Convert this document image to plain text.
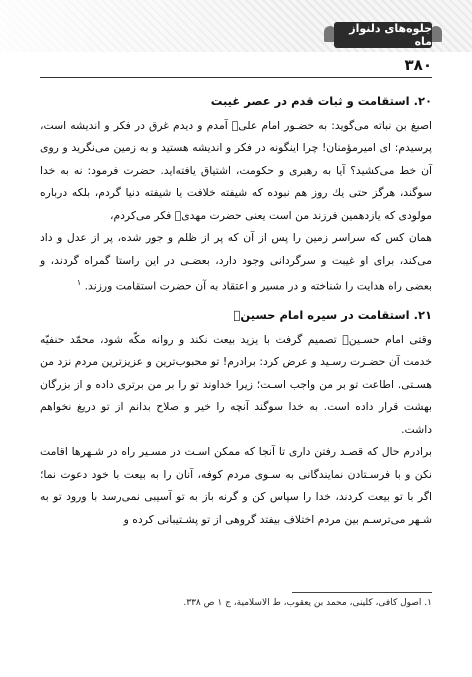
جلوه‌های دلنواز ماه
۳۸۰

۲۰. استقامت و ثبات قدم در عصر غیبت

اصبغ بن نباته می‌گوید: به حضـور امام علی﷣ آمدم و دیدم غرق در فکر و اندیشه است، پرسیدم: ای امیرمؤمنان! چرا اینگونه در فکر و اندیشه هستید و به زمین می‌نگرید و روی آن خط می‌کشید؟ آیا به رهبری و حکومت، اشتیاق یافته‌اید. حضرت فرمود: نه به خدا سوگند، هرگز حتی یك روز هم نبوده که شیفته خلافت یا شیفته دنیا گردم، بلکه درباره مولودی که یازدهمین فرزند من است یعنی حضرت مهدی﷣ فکر می‌کردم،

همان کس که سراسر زمین را پس از آن که پر از ظلم و جور شده، پر از عدل و داد می‌کند، برای او غیبت و سرگردانی وجود دارد، بعضـی در این راستا گمراه گردند، و بعضی راه هدایت را شناخته و در مسیر و اعتقاد به آن حضرت استقامت ورزند. $^۱$

۲۱. استقامت در سیره امام حسین﷣

وقتی امام حسـین﷣ تصمیم گرفت با یزید بیعت نکند و روانه مکّه شود، محمّد حنفیّه خدمت آن حضـرت رسـید و عرض کرد: برادرم! تو محبوب‌ترین و عزیزترین مردم نزد من هسـتی. اطاعت تو بر من واجب اسـت؛ زیرا خداوند تو را بر من برتری داده و از بزرگان بهشت قرار داده است. به خدا سوگند آنچه را خیر و صلاح بدانم از تو دریغ نخواهم داشت.

برادرم حال که قصـد رفتن داری تا آنجا که ممکن اسـت در مسـیر راه در شـهرها اقامت نکن و با فرسـتادن نمایندگانی به سـوی مردم کوفه، آنان را به بیعت با خود دعوت نما؛ اگر با تو بیعت کردند، خدا را سپاس کن و گرنه باز به تو آسیبی نمی‌رسد با ورود تو به شـهر می‌ترسـم بین مردم اختلاف بیفتد گروهی از تو پشـتیبانی کرده و

۱. اصول کافی، کلینی، محمد بن یعقوب، ط الاسلامیة، ج ۱ ص ۳۳۸.
